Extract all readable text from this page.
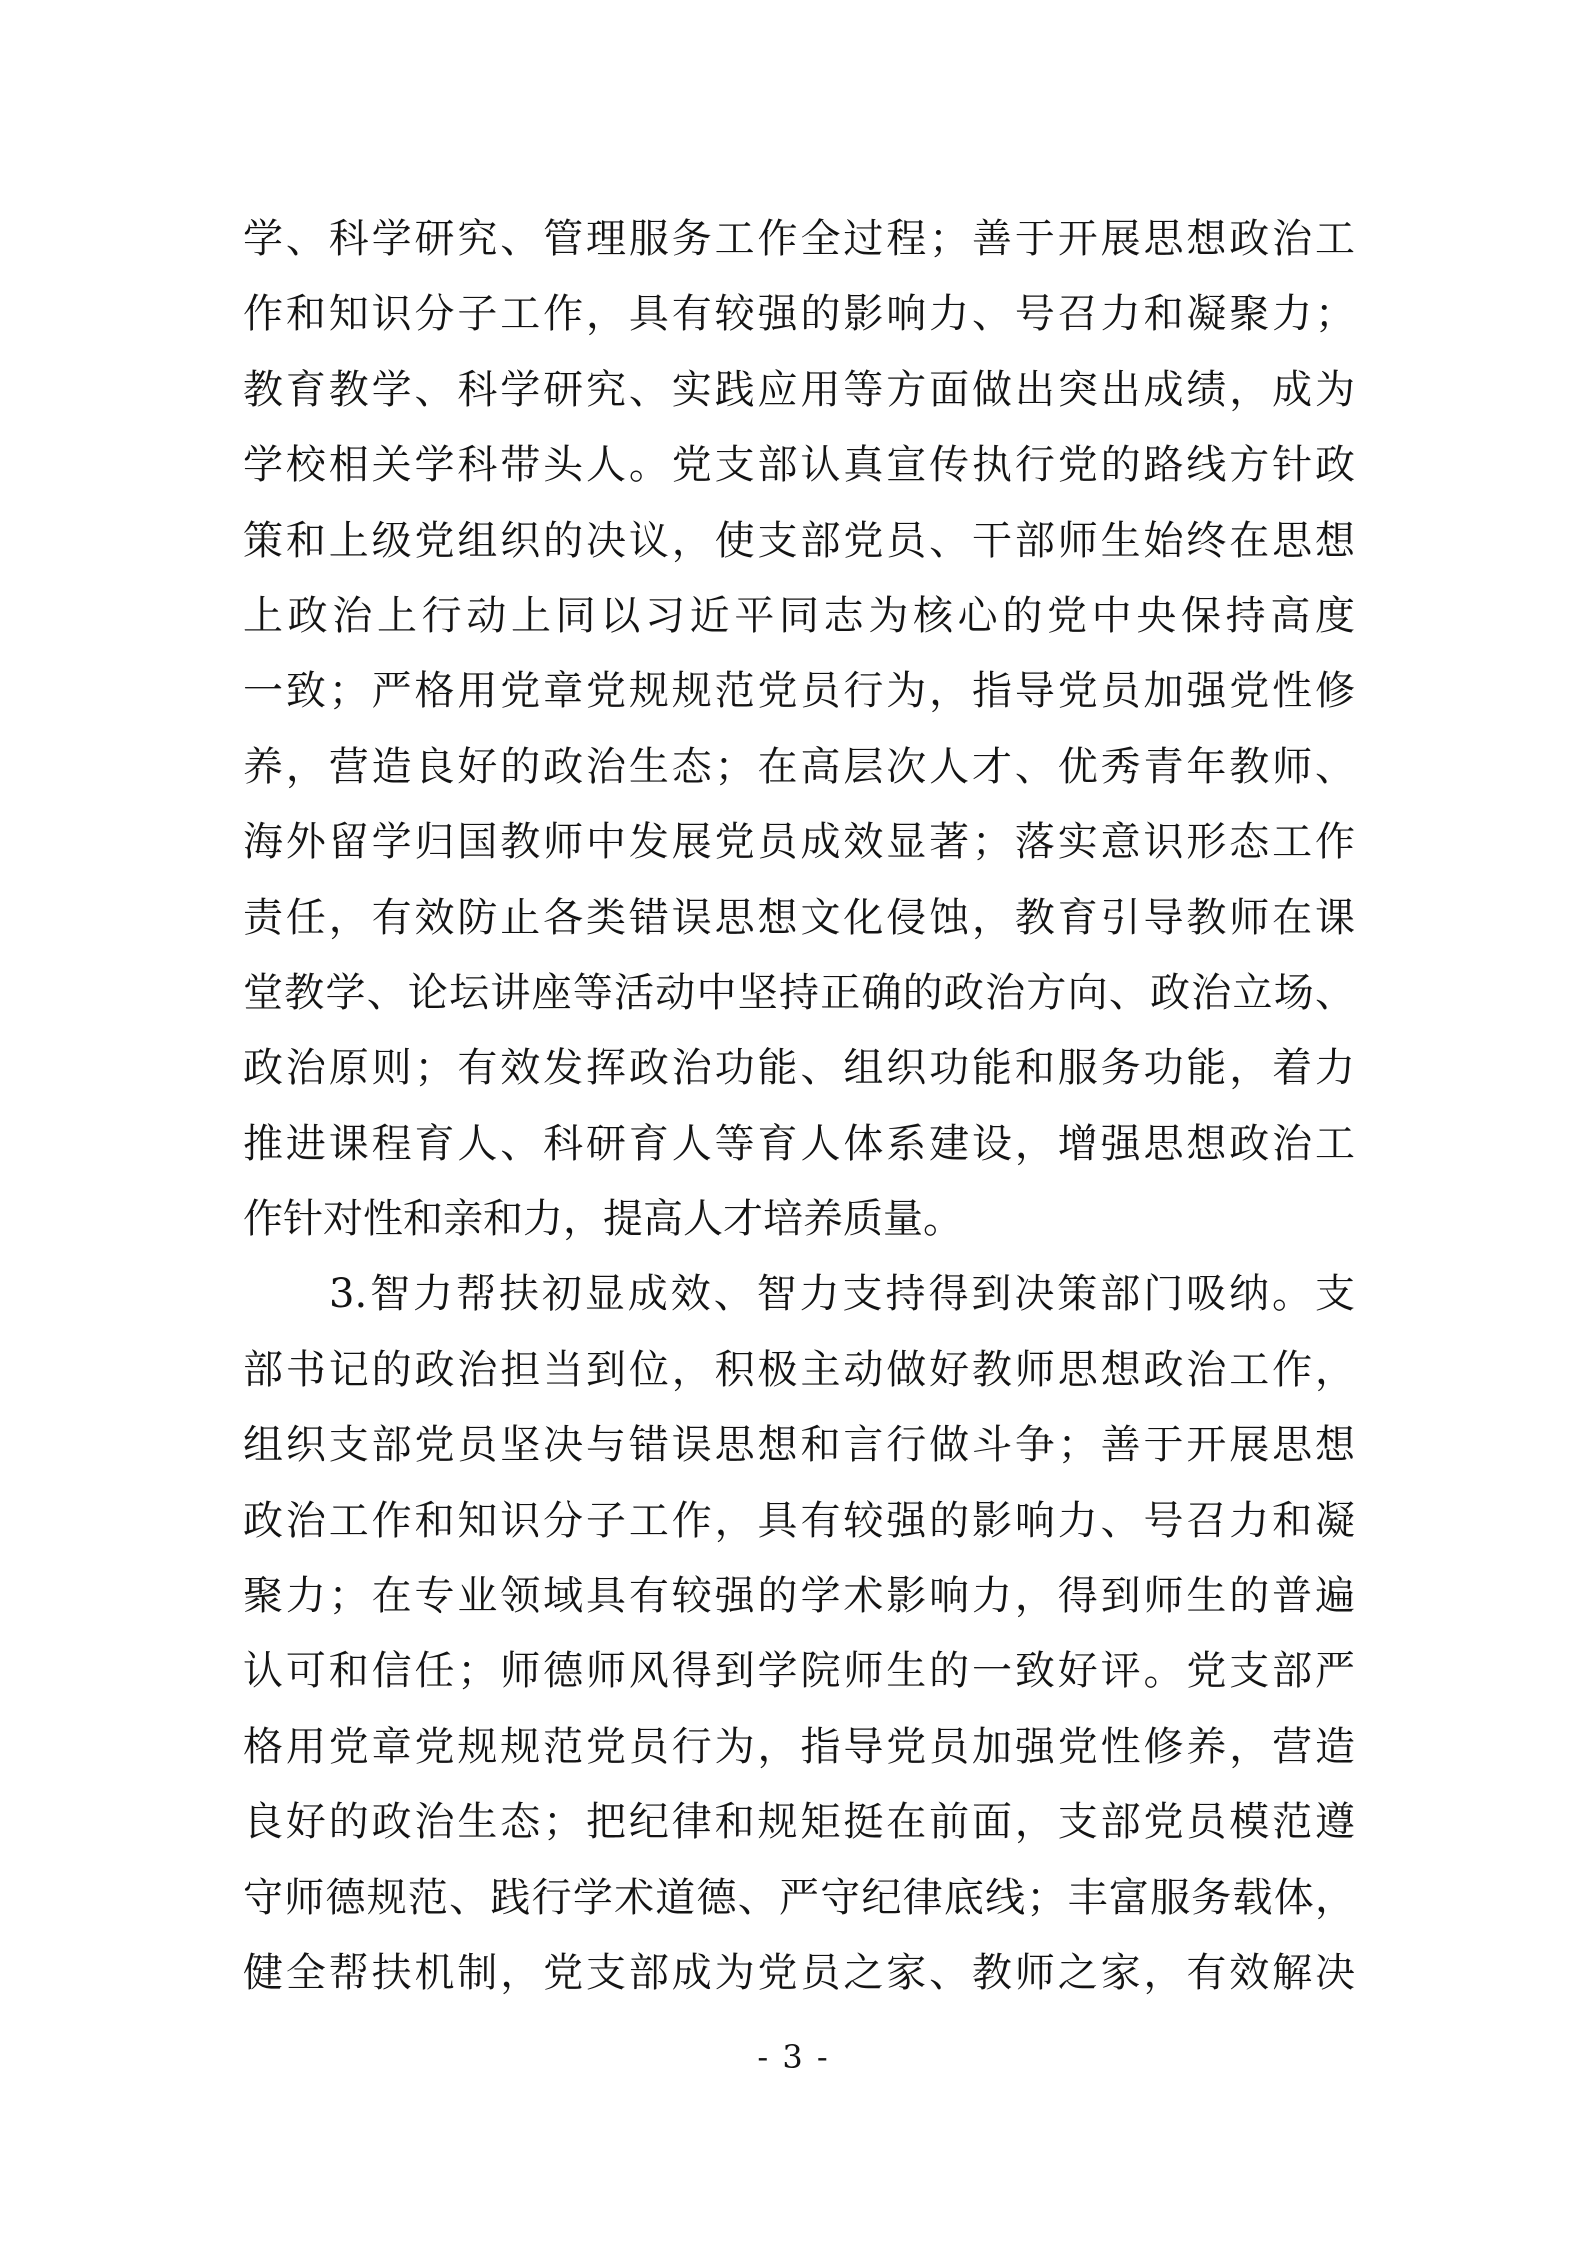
学、科学研究、管理服务工作全过程；善于开展思想政治工
作和知识分子工作，具有较强的影响力、号召力和凝聚力；
教育教学、科学研究、实践应用等方面做出突出成绩，成为
学校相关学科带头人。党支部认真宣传执行党的路线方针政
策和上级党组织的决议，使支部党员、干部师生始终在思想
上政治上行动上同以习近平同志为核心的党中央保持高度
一致；严格用党章党规规范党员行为，指导党员加强党性修
养，营造良好的政治生态；在高层次人才、优秀青年教师、
海外留学归国教师中发展党员成效显著；落实意识形态工作
责任，有效防止各类错误思想文化侵蚀，教育引导教师在课
堂教学、论坛讲座等活动中坚持正确的政治方向、政治立场、
政治原则；有效发挥政治功能、组织功能和服务功能，着力
推进课程育人、科研育人等育人体系建设，增强思想政治工
作针对性和亲和力，提高人才培养质量。
3.智力帮扶初显成效、智力支持得到决策部门吸纳。支
部书记的政治担当到位，积极主动做好教师思想政治工作，
组织支部党员坚决与错误思想和言行做斗争；善于开展思想
政治工作和知识分子工作，具有较强的影响力、号召力和凝
聚力；在专业领域具有较强的学术影响力，得到师生的普遍
认可和信任；师德师风得到学院师生的一致好评。党支部严
格用党章党规规范党员行为，指导党员加强党性修养，营造
良好的政治生态；把纪律和规矩挺在前面，支部党员模范遵
守师德规范、践行学术道德、严守纪律底线；丰富服务载体，
健全帮扶机制，党支部成为党员之家、教师之家，有效解决
- 3 -
